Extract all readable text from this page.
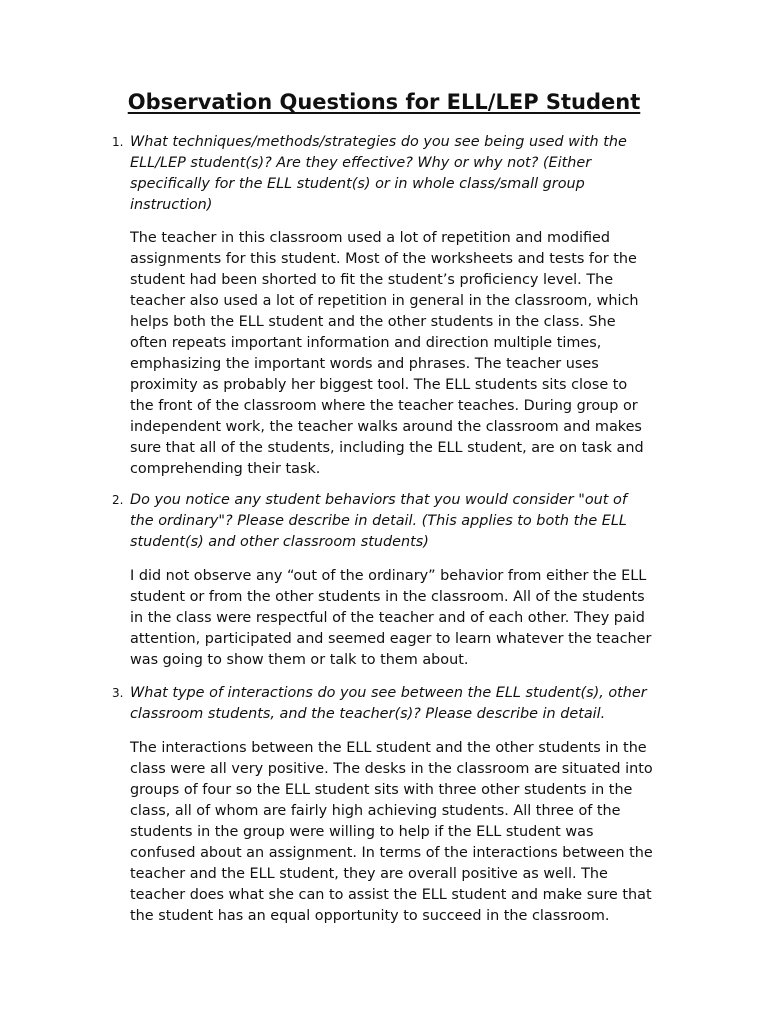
Observation Questions for ELL/LEP Student
1. What techniques/methods/strategies do you see being used with the
ELL/LEP student(s)? Are they effective? Why or why not? (Either
specifically for the ELL student(s) or in whole class/small group
instruction)
The teacher in this classroom used a lot of repetition and modified
assignments for this student. Most of the worksheets and tests for the
student had been shorted to fit the student’s proficiency level. The
teacher also used a lot of repetition in general in the classroom, which
helps both the ELL student and the other students in the class. She
often repeats important information and direction multiple times,
emphasizing the important words and phrases. The teacher uses
proximity as probably her biggest tool. The ELL students sits close to
the front of the classroom where the teacher teaches. During group or
independent work, the teacher walks around the classroom and makes
sure that all of the students, including the ELL student, are on task and
comprehending their task.
2. Do you notice any student behaviors that you would consider "out of
the ordinary"? Please describe in detail. (This applies to both the ELL
student(s) and other classroom students)
I did not observe any “out of the ordinary” behavior from either the ELL
student or from the other students in the classroom. All of the students
in the class were respectful of the teacher and of each other. They paid
attention, participated and seemed eager to learn whatever the teacher
was going to show them or talk to them about.
3. What type of interactions do you see between the ELL student(s), other
classroom students, and the teacher(s)? Please describe in detail.
The interactions between the ELL student and the other students in the
class were all very positive. The desks in the classroom are situated into
groups of four so the ELL student sits with three other students in the
class, all of whom are fairly high achieving students. All three of the
students in the group were willing to help if the ELL student was
confused about an assignment. In terms of the interactions between the
teacher and the ELL student, they are overall positive as well. The
teacher does what she can to assist the ELL student and make sure that
the student has an equal opportunity to succeed in the classroom.
